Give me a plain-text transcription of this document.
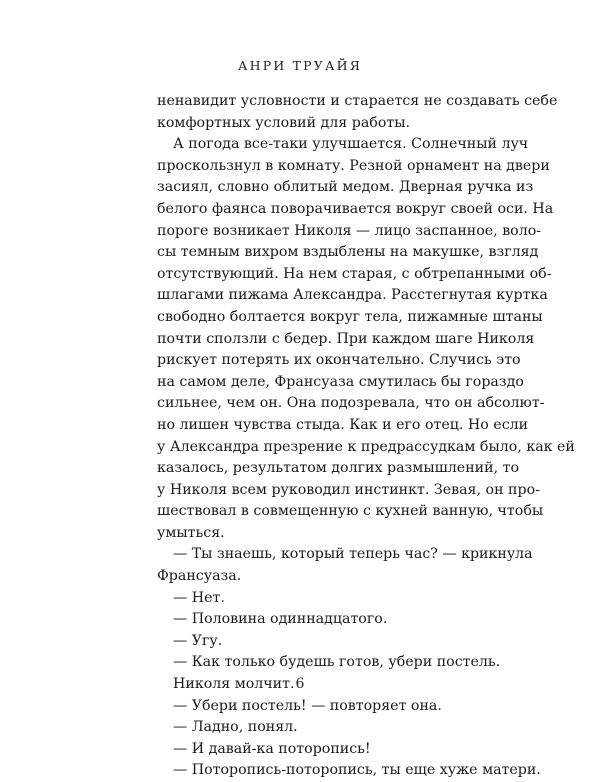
АНРИ ТРУАЙЯ
ненавидит условности и старается не создавать себе
комфортных условий для работы.
А погода все-таки улучшается. Солнечный луч
проскользнул в комнату. Резной орнамент на двери
засиял, словно облитый медом. Дверная ручка из
белого фаянса поворачивается вокруг своей оси. На
пороге возникает Николя — лицо заспанное, воло-
сы темным вихром вздыблены на макушке, взгляд
отсутствующий. На нем старая, с обтрепанными об-
шлагами пижама Александра. Расстегнутая куртка
свободно болтается вокруг тела, пижамные штаны
почти сползли с бедер. При каждом шаге Николя
рискует потерять их окончательно. Случись это
на самом деле, Франсуаза смутилась бы гораздо
сильнее, чем он. Она подозревала, что он абсолют-
но лишен чувства стыда. Как и его отец. Но если
у Александра презрение к предрассудкам было, как ей
казалось, результатом долгих размышлений, то
у Николя всем руководил инстинкт. Зевая, он про-
шествовал в совмещенную с кухней ванную, чтобы
умыться.
— Ты знаешь, который теперь час? — крикнула
Франсуаза.
— Нет.
— Половина одиннадцатого.
— Угу.
— Как только будешь готов, убери постель.
Николя молчит.
— Убери постель! — повторяет она.
— Ладно, понял.
— И давай-ка поторопись!
— Поторопись-поторопись, ты еще хуже матери.
6
